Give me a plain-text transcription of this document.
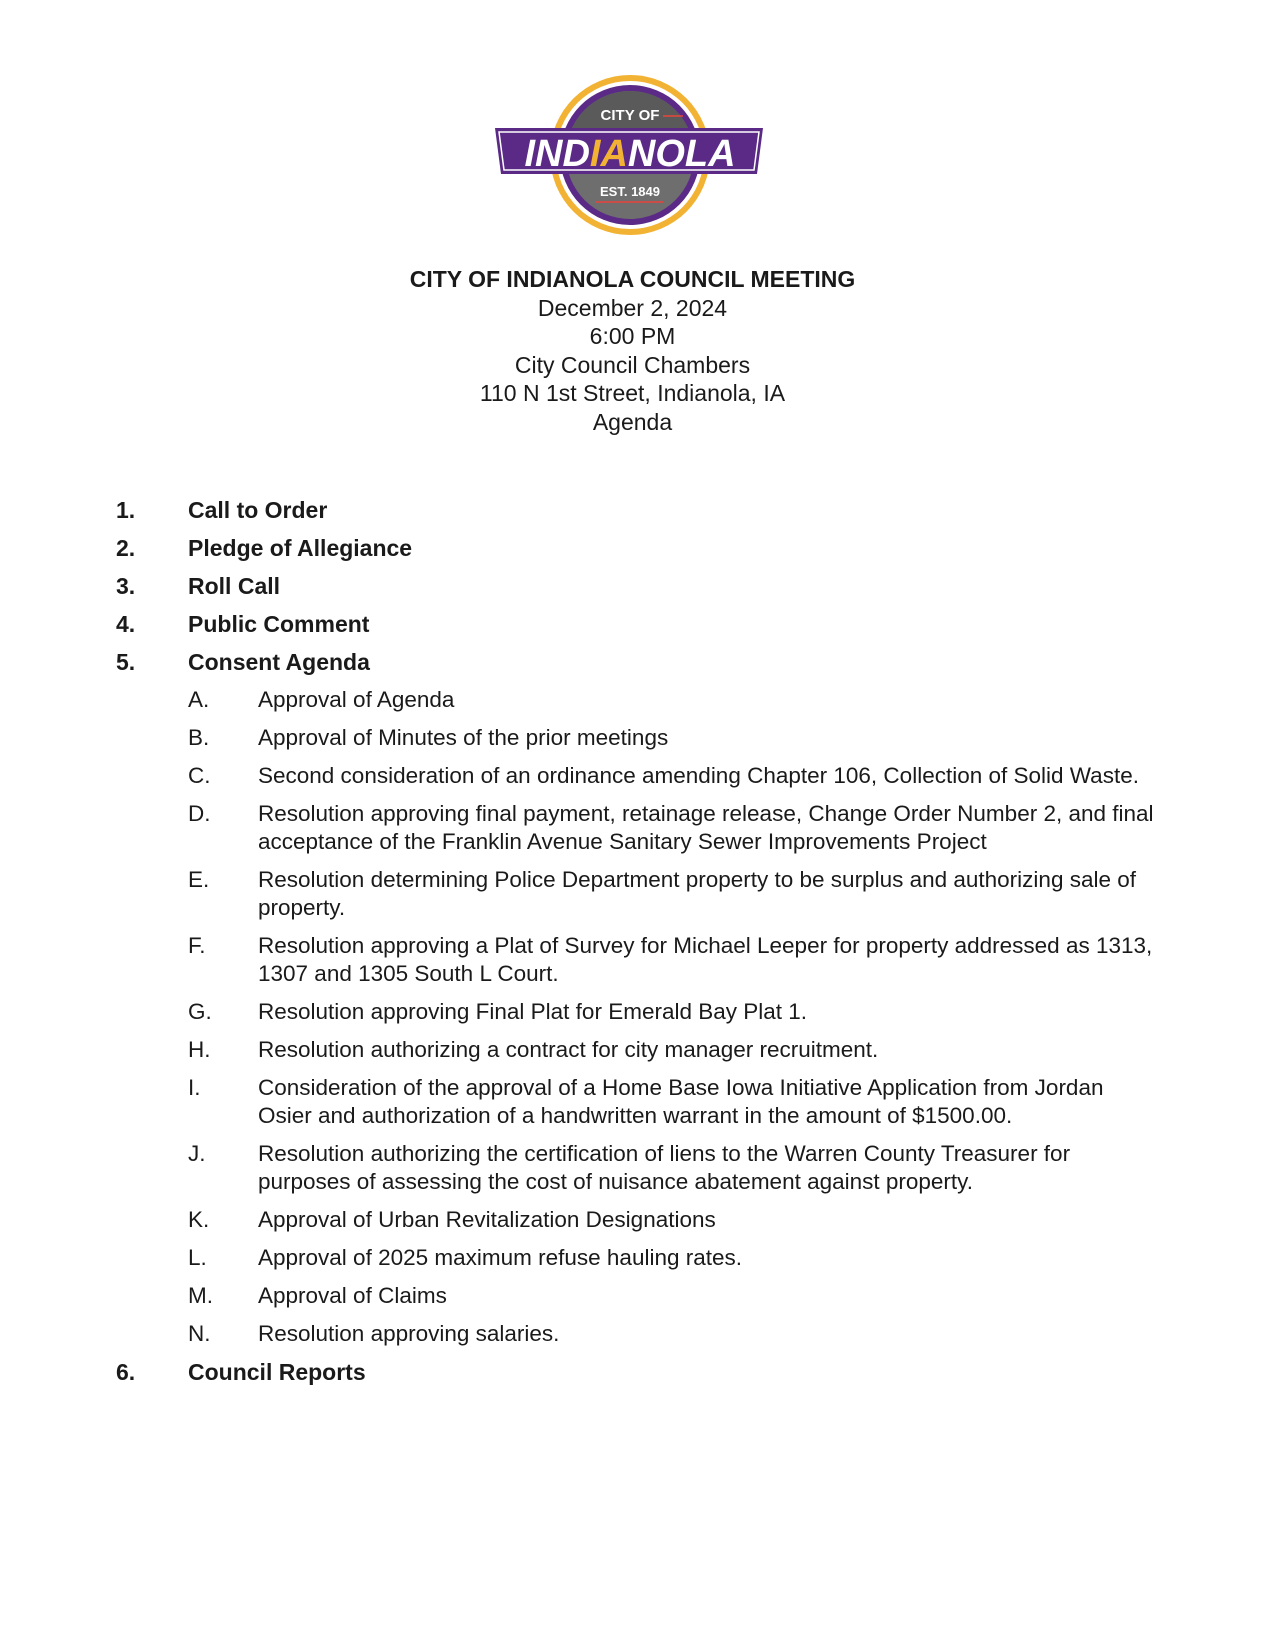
CITY OF
INDIANOLA
EST. 1849
CITY OF INDIANOLA COUNCIL MEETING
December 2, 2024
6:00 PM
City Council Chambers
110 N 1st Street, Indianola, IA
Agenda
1.	Call to Order
2.	Pledge of Allegiance
3.	Roll Call
4.	Public Comment
5.	Consent Agenda
A.	Approval of Agenda
B.	Approval of Minutes of the prior meetings
C.	Second consideration of an ordinance amending Chapter 106, Collection of Solid Waste.
D.	Resolution approving final payment, retainage release, Change Order Number 2, and final acceptance of the Franklin Avenue Sanitary Sewer Improvements Project
E.	Resolution determining Police Department property to be surplus and authorizing sale of property.
F.	Resolution approving a Plat of Survey for Michael Leeper for property addressed as 1313, 1307 and 1305 South L Court.
G.	Resolution approving Final Plat for Emerald Bay Plat 1.
H.	Resolution authorizing a contract for city manager recruitment.
I.	Consideration of the approval of a Home Base Iowa Initiative Application from Jordan Osier and authorization of a handwritten warrant in the amount of $1500.00.
J.	Resolution authorizing the certification of liens to the Warren County Treasurer for purposes of assessing the cost of nuisance abatement against property.
K.	Approval of Urban Revitalization Designations
L.	Approval of 2025 maximum refuse hauling rates.
M.	Approval of Claims
N.	Resolution approving salaries.
6.	Council Reports
